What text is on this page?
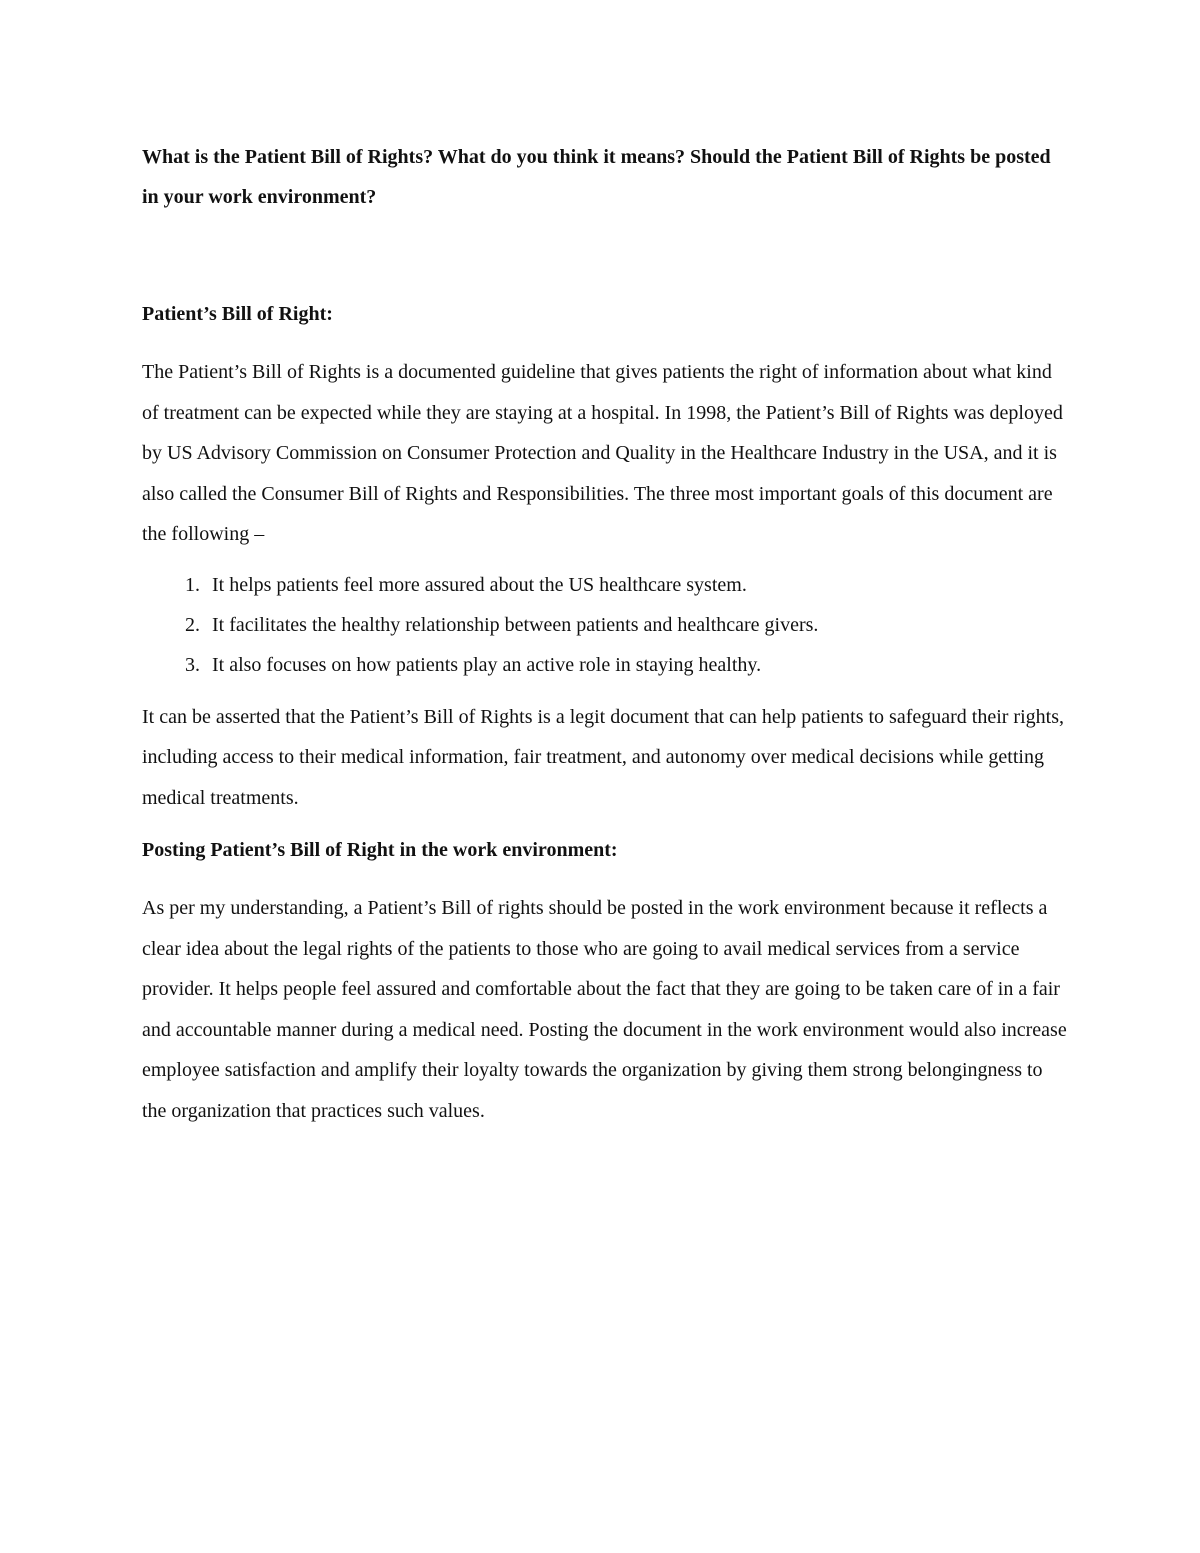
What is the Patient Bill of Rights? What do you think it means? Should the Patient Bill of Rights be posted in your work environment?

Patient’s Bill of Right:

The Patient’s Bill of Rights is a documented guideline that gives patients the right of information about what kind of treatment can be expected while they are staying at a hospital. In 1998, the Patient’s Bill of Rights was deployed by US Advisory Commission on Consumer Protection and Quality in the Healthcare Industry in the USA, and it is also called the Consumer Bill of Rights and Responsibilities. The three most important goals of this document are the following –

1. It helps patients feel more assured about the US healthcare system.
2. It facilitates the healthy relationship between patients and healthcare givers.
3. It also focuses on how patients play an active role in staying healthy.

It can be asserted that the Patient’s Bill of Rights is a legit document that can help patients to safeguard their rights, including access to their medical information, fair treatment, and autonomy over medical decisions while getting medical treatments.

Posting Patient’s Bill of Right in the work environment:

As per my understanding, a Patient’s Bill of rights should be posted in the work environment because it reflects a clear idea about the legal rights of the patients to those who are going to avail medical services from a service provider. It helps people feel assured and comfortable about the fact that they are going to be taken care of in a fair and accountable manner during a medical need. Posting the document in the work environment would also increase employee satisfaction and amplify their loyalty towards the organization by giving them strong belongingness to the organization that practices such values.
